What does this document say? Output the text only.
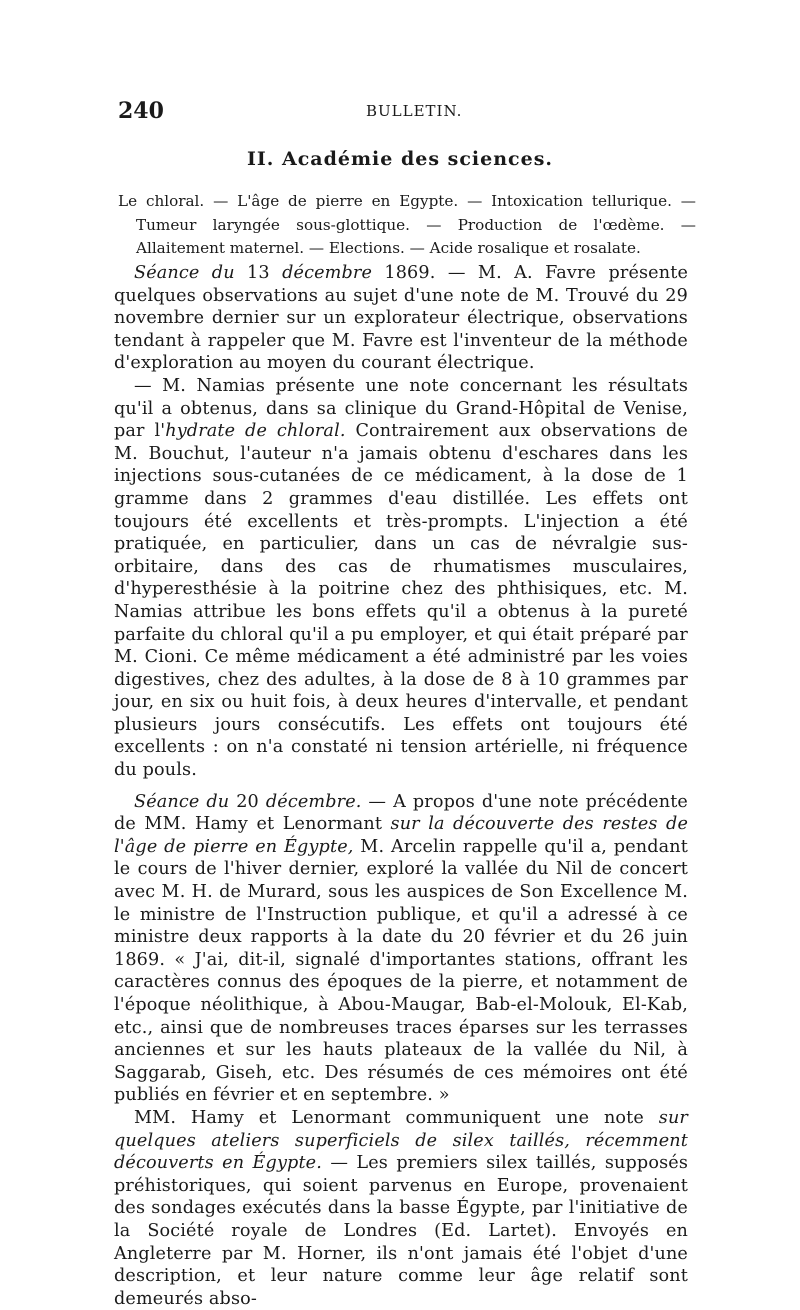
240	BULLETIN.
II. Académie des sciences.

Le chloral. — L'âge de pierre en Egypte. — Intoxication tellurique. — Tumeur laryngée sous-glottique. — Production de l'œdème. — Allaitement maternel. — Elections. — Acide rosalique et rosalate.

Séance du 13 décembre 1869. — M. A. Favre présente quelques observations au sujet d'une note de M. Trouvé du 29 novembre dernier sur un explorateur électrique, observations tendant à rappeler que M. Favre est l'inventeur de la méthode d'exploration au moyen du courant électrique.

— M. Namias présente une note concernant les résultats qu'il a obtenus, dans sa clinique du Grand-Hôpital de Venise, par l'hydrate de chloral. Contrairement aux observations de M. Bouchut, l'auteur n'a jamais obtenu d'eschares dans les injections sous-cutanées de ce médicament, à la dose de 1 gramme dans 2 grammes d'eau distillée. Les effets ont toujours été excellents et très-prompts. L'injection a été pratiquée, en particulier, dans un cas de névralgie sus-orbitaire, dans des cas de rhumatismes musculaires, d'hyperesthésie à la poitrine chez des phthisiques, etc. M. Namias attribue les bons effets qu'il a obtenus à la pureté parfaite du chloral qu'il a pu employer, et qui était préparé par M. Cioni. Ce même médicament a été administré par les voies digestives, chez des adultes, à la dose de 8 à 10 grammes par jour, en six ou huit fois, à deux heures d'intervalle, et pendant plusieurs jours consécutifs. Les effets ont toujours été excellents : on n'a constaté ni tension artérielle, ni fréquence du pouls.

Séance du 20 décembre. — A propos d'une note précédente de MM. Hamy et Lenormant sur la découverte des restes de l'âge de pierre en Égypte, M. Arcelin rappelle qu'il a, pendant le cours de l'hiver dernier, exploré la vallée du Nil de concert avec M. H. de Murard, sous les auspices de Son Excellence M. le ministre de l'Instruction publique, et qu'il a adressé à ce ministre deux rapports à la date du 20 février et du 26 juin 1869. « J'ai, dit-il, signalé d'importantes stations, offrant les caractères connus des époques de la pierre, et notamment de l'époque néolithique, à Abou-Maugar, Bab-el-Molouk, El-Kab, etc., ainsi que de nombreuses traces éparses sur les terrasses anciennes et sur les hauts plateaux de la vallée du Nil, à Saggarab, Giseh, etc. Des résumés de ces mémoires ont été publiés en février et en septembre. »

MM. Hamy et Lenormant communiquent une note sur quelques ateliers superficiels de silex taillés, récemment découverts en Égypte. — Les premiers silex taillés, supposés préhistoriques, qui soient parvenus en Europe, provenaient des sondages exécutés dans la basse Égypte, par l'initiative de la Société royale de Londres (Ed. Lartet). Envoyés en Angleterre par M. Horner, ils n'ont jamais été l'objet d'une description, et leur nature comme leur âge relatif sont demeurés abso-
